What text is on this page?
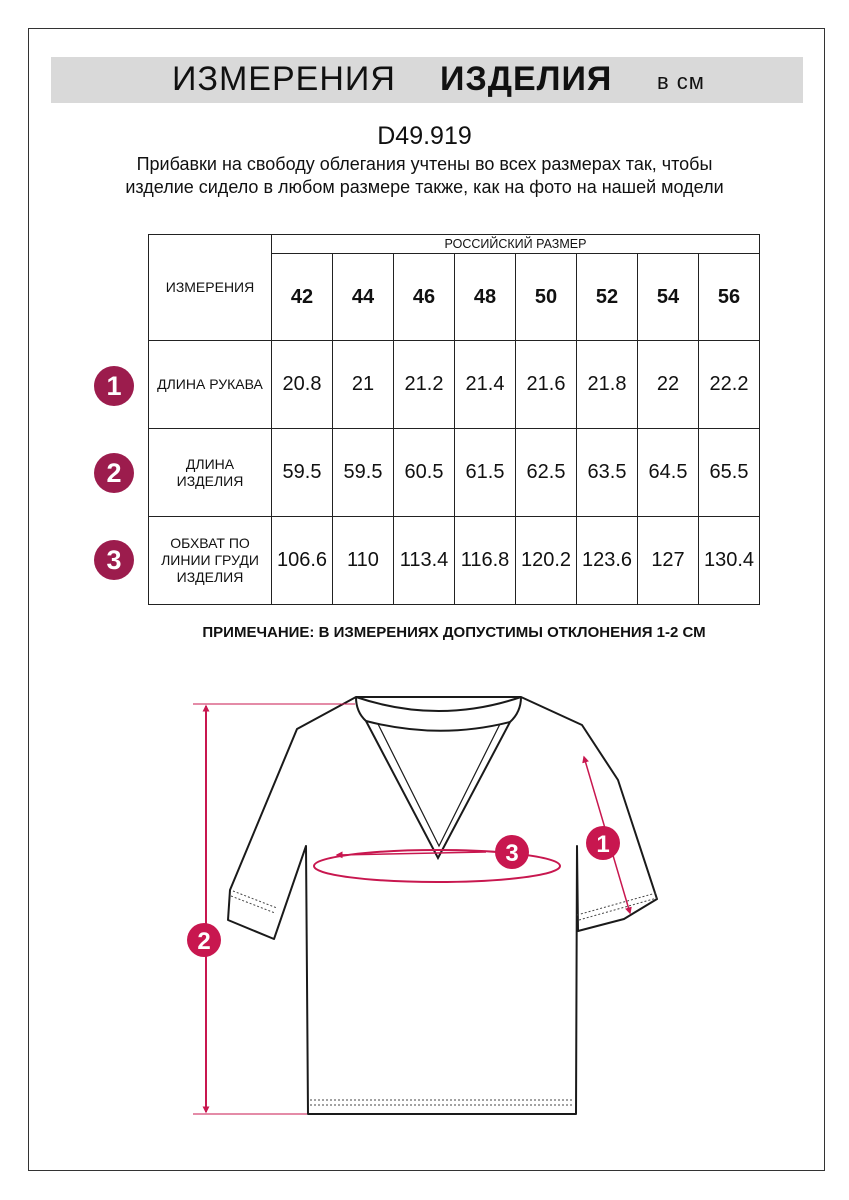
ИЗМЕРЕНИЯ ИЗДЕЛИЯ в см
D49.919
Прибавки на свободу облегания учтены во всех размерах так, чтобы изделие сидело в любом размере также, как на фото на нашей модели
ИЗМЕРЕНИЯ	РОССИЙСКИЙ РАЗМЕР							
	42	44	46	48	50	52	54	56
ДЛИНА РУКАВА	20.8	21	21.2	21.4	21.6	21.8	22	22.2
ДЛИНА ИЗДЕЛИЯ	59.5	59.5	60.5	61.5	62.5	63.5	64.5	65.5
ОБХВАТ ПО ЛИНИИ ГРУДИ ИЗДЕЛИЯ	106.6	110	113.4	116.8	120.2	123.6	127	130.4
1
2
3
ПРИМЕЧАНИЕ: В ИЗМЕРЕНИЯХ ДОПУСТИМЫ ОТКЛОНЕНИЯ 1-2 СМ
2
3	1
